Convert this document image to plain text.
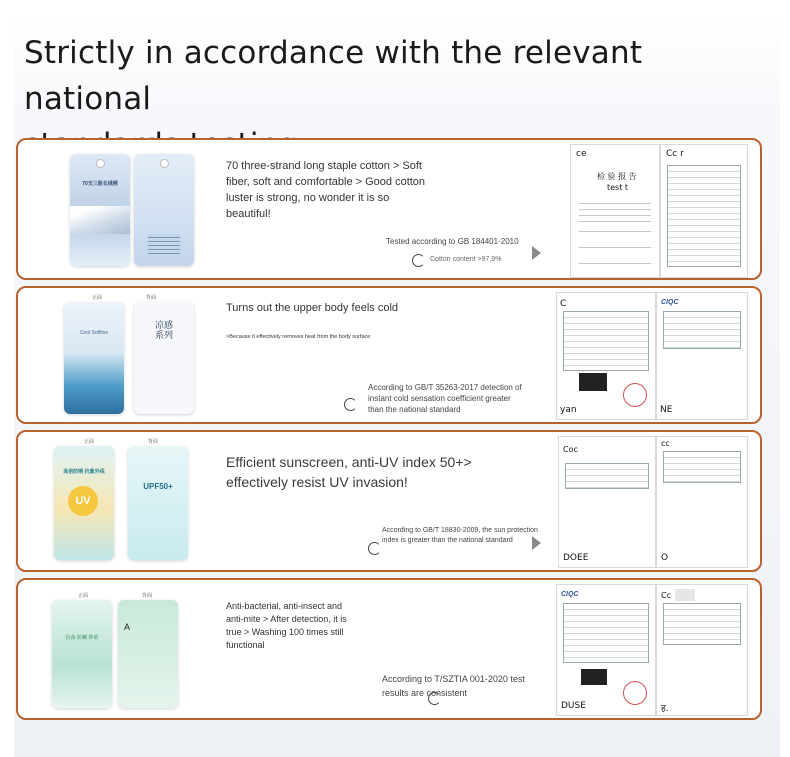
Strictly in accordance with the relevant national
70支三股长绒棉
70 three-strand long staple cotton > Soft fiber, soft and comfortable > Good cotton luster is strong, no wonder it is so beautiful!
Tested according to GB 184401-2010
Cotton content >97.9%
ce
检 验 报 告
test t
Cc r
正面	背面
Cool Softline
凉感
系列
Turns out the upper body feels cold
>Because it effectively removes heat from the body surface
According to GB/T 35263-2017 detection of instant cold sensation coefficient greater than the national standard
C
yan
CIQC
NE
正面	背面
高倍防晒 抗紫外线
UV
UPF50+
Efficient sunscreen, anti-UV index 50+> effectively resist UV invasion!
According to GB/T 18830-2009, the sun protection index is greater than the national standard
Coc
DOEE
cc
O
正面	背面
抗菌 防螨 抑菌
A
Anti-bacterial, anti-insect and anti-mite > After detection, it is true > Washing 100 times still functional
According to T/SZTIA 001-2020 test results are consistent
CIQC
DUSE
Cc
ह.
